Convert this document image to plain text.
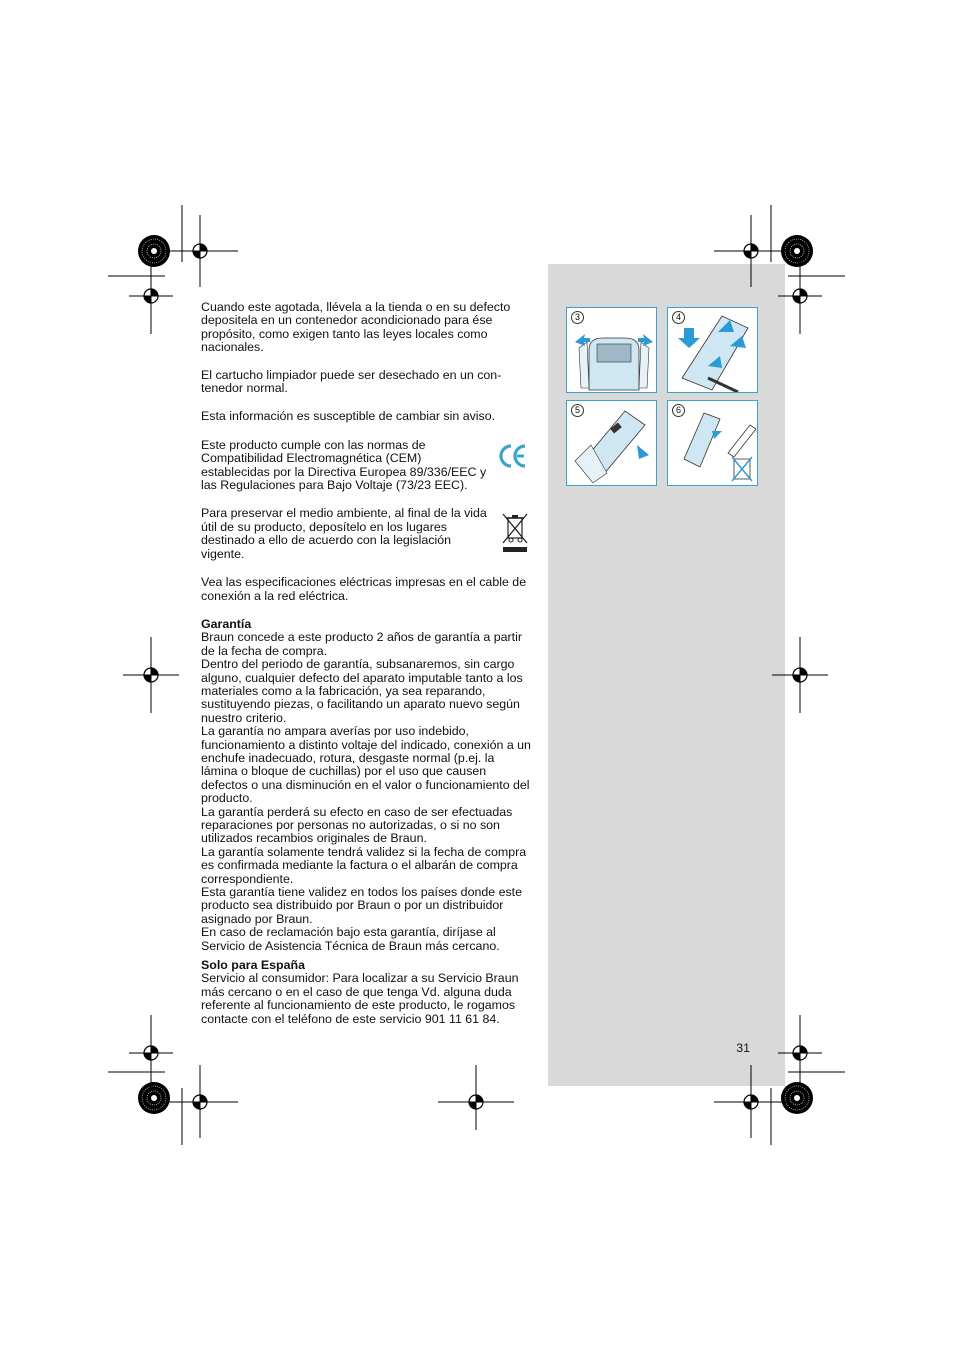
Cuando este agotada, llévela a la tienda o en su defecto depositela en un contenedor acondicionado para ése propósito, como exigen tanto las leyes locales como nacionales.

El cartucho limpiador puede ser desechado en un con-tenedor normal.

Esta información es susceptible de cambiar sin aviso.

Este producto cumple con las normas de Compatibilidad Electromagnética (CEM) establecidas por la Directiva Europea 89/336/EEC y las Regulaciones para Bajo Voltaje (73/23 EEC).

Para preservar el medio ambiente, al final de la vida útil de su producto, deposítelo en los lugares destinado a ello de acuerdo con la legislación vigente.

Vea las especificaciones eléctricas impresas en el cable de conexión a la red eléctrica.

Garantía

Braun concede a este producto 2 años de garantía a partir de la fecha de compra.

Dentro del periodo de garantía, subsanaremos, sin cargo alguno, cualquier defecto del aparato imputable tanto a los materiales como a la fabricación, ya sea reparando, sustituyendo piezas, o facilitando un aparato nuevo según nuestro criterio.

La garantía no ampara averías por uso indebido, funcionamiento a distinto voltaje del indicado, conexión a un enchufe inadecuado, rotura, desgaste normal (p.ej. la lámina o bloque de cuchillas) por el uso que causen defectos o una disminución en el valor o funcionamiento del producto.

La garantía perderá su efecto en caso de ser efectuadas reparaciones por personas no autorizadas, o si no son utilizados recambios originales de Braun.

La garantía solamente tendrá validez si la fecha de compra es confirmada mediante la factura o el albarán de compra correspondiente.

Esta garantía tiene validez en todos los países donde este producto sea distribuido por Braun o por un distribuidor asignado por Braun.

En caso de reclamación bajo esta garantía, diríjase al Servicio de Asistencia Técnica de Braun más cercano.

Solo para España

Servicio al consumidor: Para localizar a su Servicio Braun más cercano o en el caso de que tenga Vd. alguna duda referente al funcionamiento de este producto, le rogamos contacte con el teléfono de este servicio 901 11 61 84.

3	4
5	6
31
